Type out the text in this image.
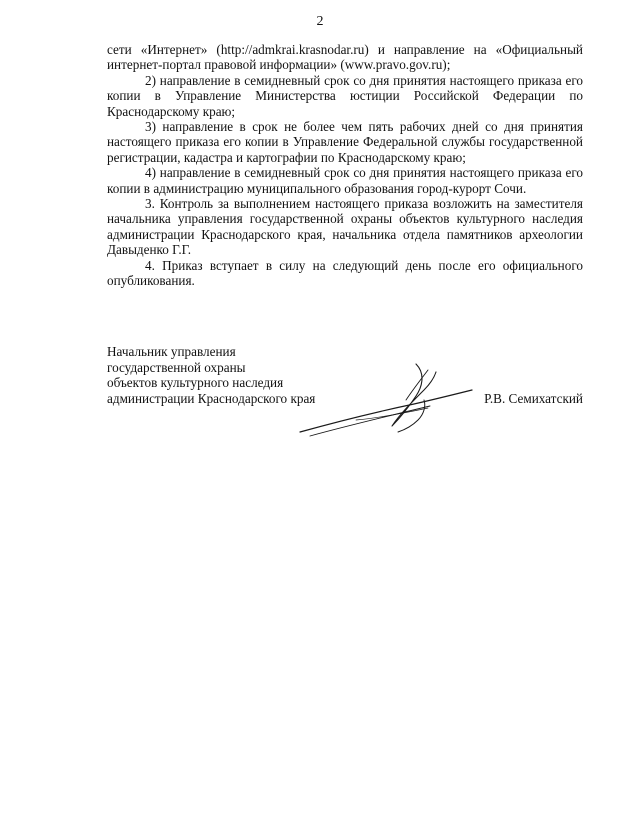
2

сети «Интернет» (http://admkrai.krasnodar.ru) и направление на «Официальный интернет-портал правовой информации» (www.pravo.gov.ru);

2) направление в семидневный срок со дня принятия настоящего приказа его копии в Управление Министерства юстиции Российской Федерации по Краснодарскому краю;

3) направление в срок не более чем пять рабочих дней со дня принятия настоящего приказа его копии в Управление Федеральной службы государственной регистрации, кадастра и картографии по Краснодарскому краю;

4) направление в семидневный срок со дня принятия настоящего приказа его копии в администрацию муниципального образования город-курорт Сочи.

3. Контроль за выполнением настоящего приказа возложить на заместителя начальника управления государственной охраны объектов культурного наследия администрации Краснодарского края, начальника отдела памятников археологии Давыденко Г.Г.

4. Приказ вступает в силу на следующий день после его официального опубликования.

Начальник управления
государственной охраны
объектов культурного наследия
администрации Краснодарского края	Р.В. Семихатский
